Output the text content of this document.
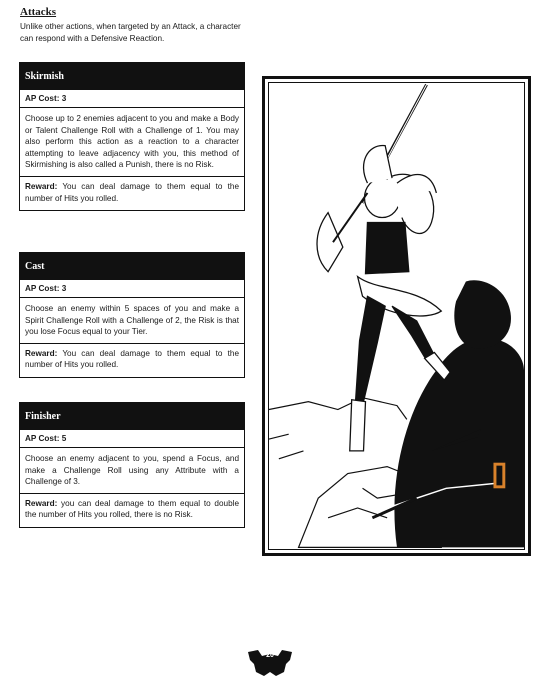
Attacks

Unlike other actions, when targeted by an Attack, a character can respond with a Defensive Reaction.

Skirmish
AP Cost: 3
Choose up to 2 enemies adjacent to you and make a Body or Talent Challenge Roll with a Challenge of 1. You may also perform this action as a reaction to a character attempting to leave adjacency with you, this method of Skirmishing is also called a Punish, there is no Risk.
Reward: You can deal damage to them equal to the number of Hits you rolled.
Cast
AP Cost: 3
Choose an enemy within 5 spaces of you and make a Spirit Challenge Roll with a Challenge of 2, the Risk is that you lose Focus equal to your Tier.
Reward: You can deal damage to them equal to the number of Hits you rolled.
Finisher
AP Cost: 5
Choose an enemy adjacent to you, spend a Focus, and make a Challenge Roll using any Attribute with a Challenge of 3.
Reward: you can deal damage to them equal to double the number of Hits you rolled, there is no Risk.
20
